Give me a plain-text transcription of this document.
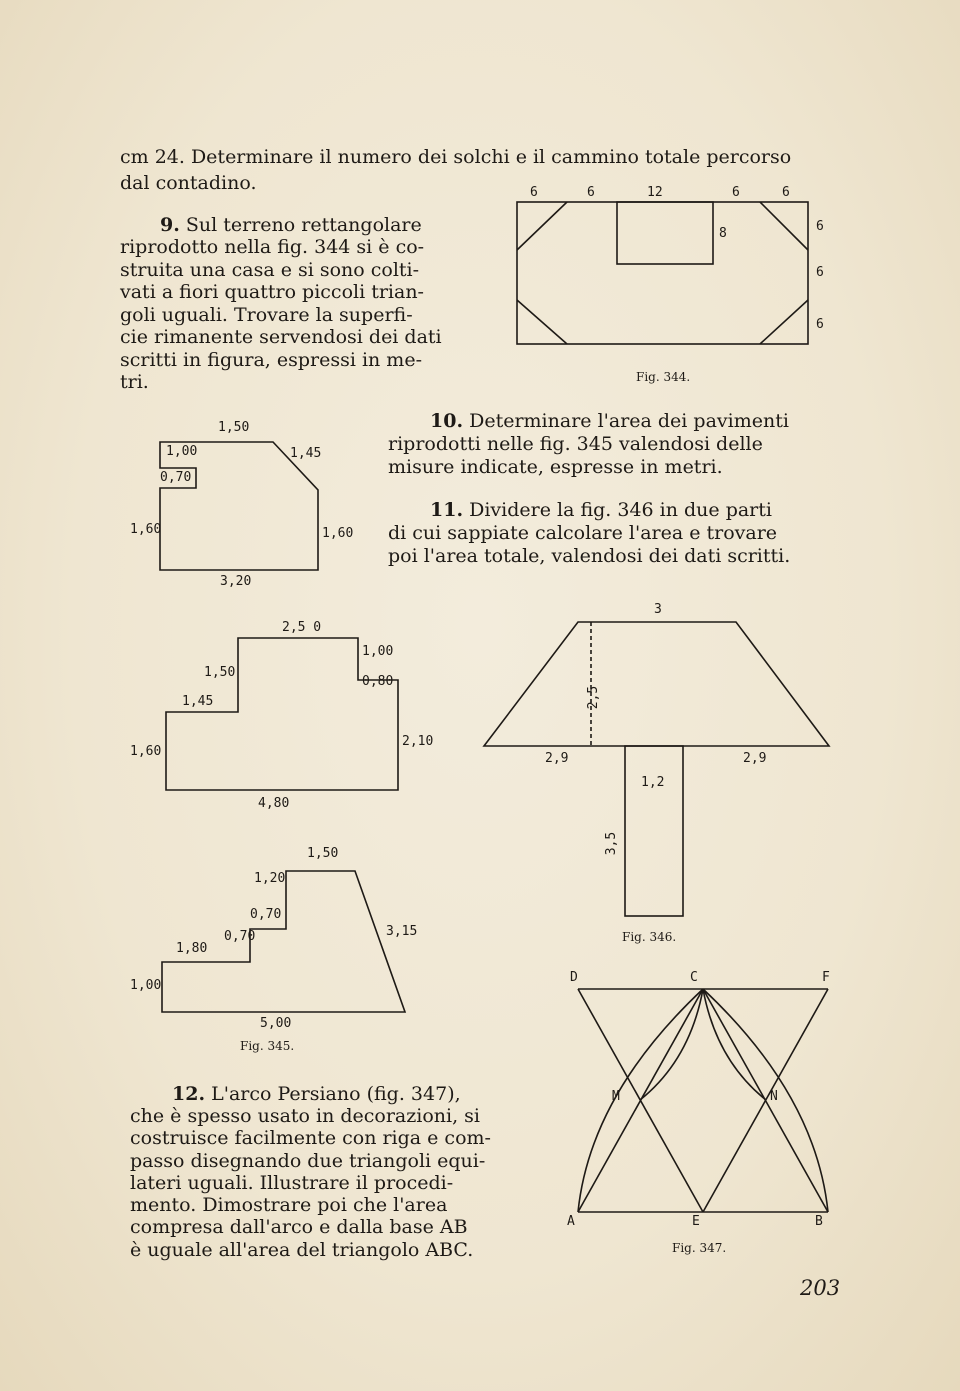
cm 24. Determinare il numero dei solchi e il cammino totale percorso

dal contadino.

9. Sul terreno rettangolare

riprodotto nella fig. 344 si è co-

struita una casa e si sono colti-

vati a fiori quattro piccoli trian-

goli uguali. Trovare la superfi-

cie rimanente servendosi dei dati

scritti in figura, espressi in me-

tri.

10. Determinare l'area dei pavimenti

riprodotti nelle fig. 345 valendosi delle

misure indicate, espresse in metri.

11. Dividere la fig. 346 in due parti

di cui sappiate calcolare l'area e trovare

poi l'area totale, valendosi dei dati scritti.

12. L'arco Persiano (fig. 347),

che è spesso usato in decorazioni, si

costruisce facilmente con riga e com-

passo disegnando due triangoli equi-

lateri uguali. Illustrare il procedi-

mento. Dimostrare poi che l'area

compresa dall'arco e dalla base AB

è uguale all'area del triangolo ABC.

6	6	12	6	6
6
6
6
8
Fig. 344.
1,50
1,00
0,70
1,45
1,60	1,60
3,20
2,5 0
1,00
0,80
1,50
1,45
1,60
2,10
4,80
1,50
1,20
0,70
0,70
1,80
1,00
3,15
5,00
Fig. 345.
3
2,5
2,9	2,9
1,2
3,5
Fig. 346.
D	C	F
M	N
A	E	B
Fig. 347.
203
